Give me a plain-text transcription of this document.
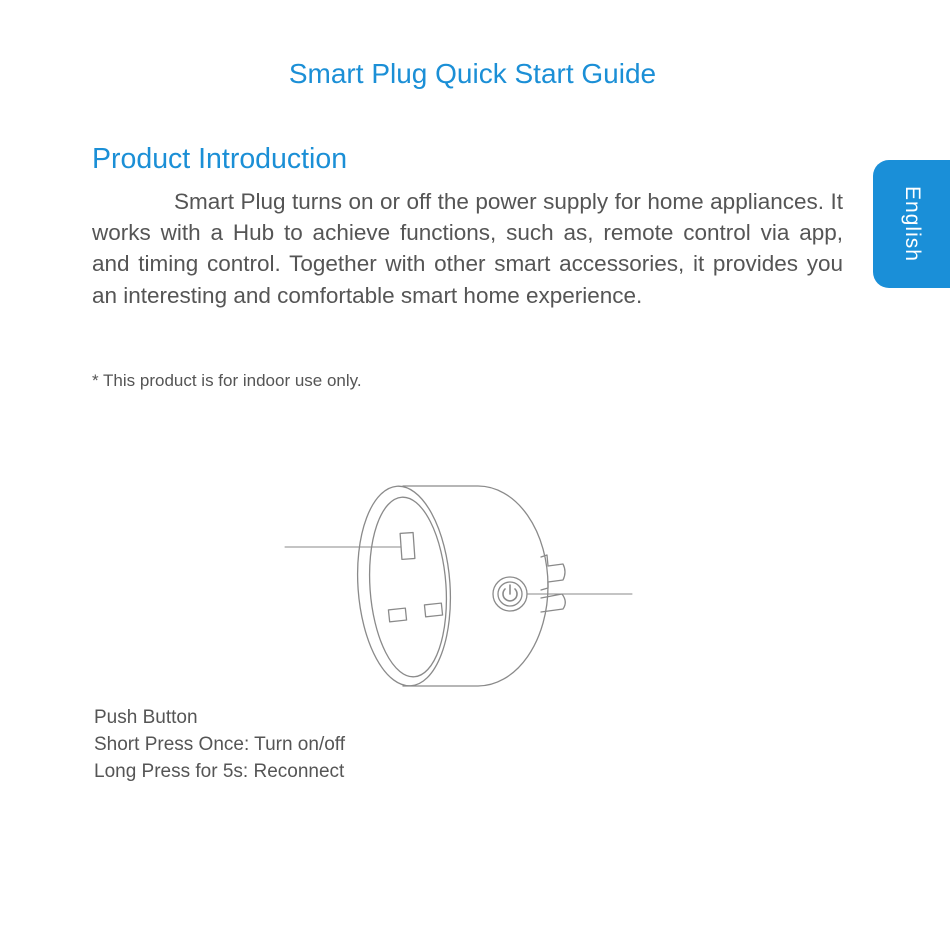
Smart Plug Quick Start Guide
Product Introduction

Smart Plug turns on or off the power supply for home appliances. It works with a Hub to achieve functions, such as, remote control via app, and timing control. Together with other smart accessories, it provides you an interesting and comfortable smart home experience.

* This product is for indoor use only.

English
Push Button
Short Press Once: Turn on/off
Long Press for 5s: Reconnect
